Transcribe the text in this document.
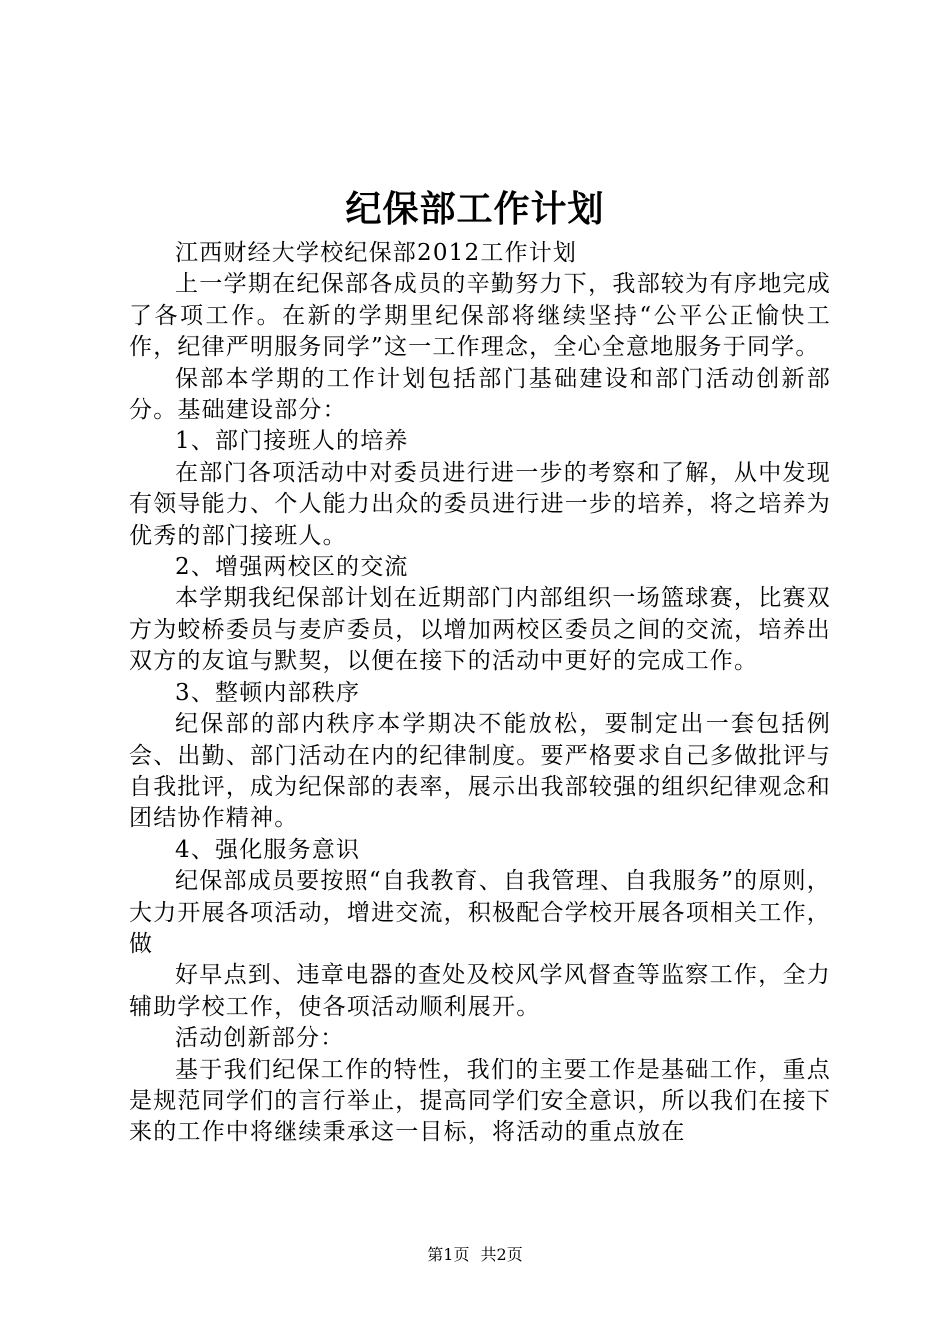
纪保部工作计划

江西财经大学校纪保部2012工作计划

上一学期在纪保部各成员的辛勤努力下，我部较为有序地完成了各项工作。在新的学期里纪保部将继续坚持“公平公正愉快工作，纪律严明服务同学”这一工作理念，全心全意地服务于同学。

保部本学期的工作计划包括部门基础建设和部门活动创新部分。基础建设部分：

1、部门接班人的培养

在部门各项活动中对委员进行进一步的考察和了解，从中发现有领导能力、个人能力出众的委员进行进一步的培养，将之培养为优秀的部门接班人。

2、增强两校区的交流

本学期我纪保部计划在近期部门内部组织一场篮球赛，比赛双方为蛟桥委员与麦庐委员，以增加两校区委员之间的交流，培养出双方的友谊与默契，以便在接下的活动中更好的完成工作。

3、整顿内部秩序

纪保部的部内秩序本学期决不能放松，要制定出一套包括例会、出勤、部门活动在内的纪律制度。要严格要求自己多做批评与自我批评，成为纪保部的表率，展示出我部较强的组织纪律观念和团结协作精神。

4、强化服务意识

纪保部成员要按照“自我教育、自我管理、自我服务”的原则，大力开展各项活动，增进交流，积极配合学校开展各项相关工作，做

好早点到、违章电器的查处及校风学风督查等监察工作，全力辅助学校工作，使各项活动顺利展开。

活动创新部分：

基于我们纪保工作的特性，我们的主要工作是基础工作，重点是规范同学们的言行举止，提高同学们安全意识，所以我们在接下来的工作中将继续秉承这一目标，将活动的重点放在

第1页 共2页
